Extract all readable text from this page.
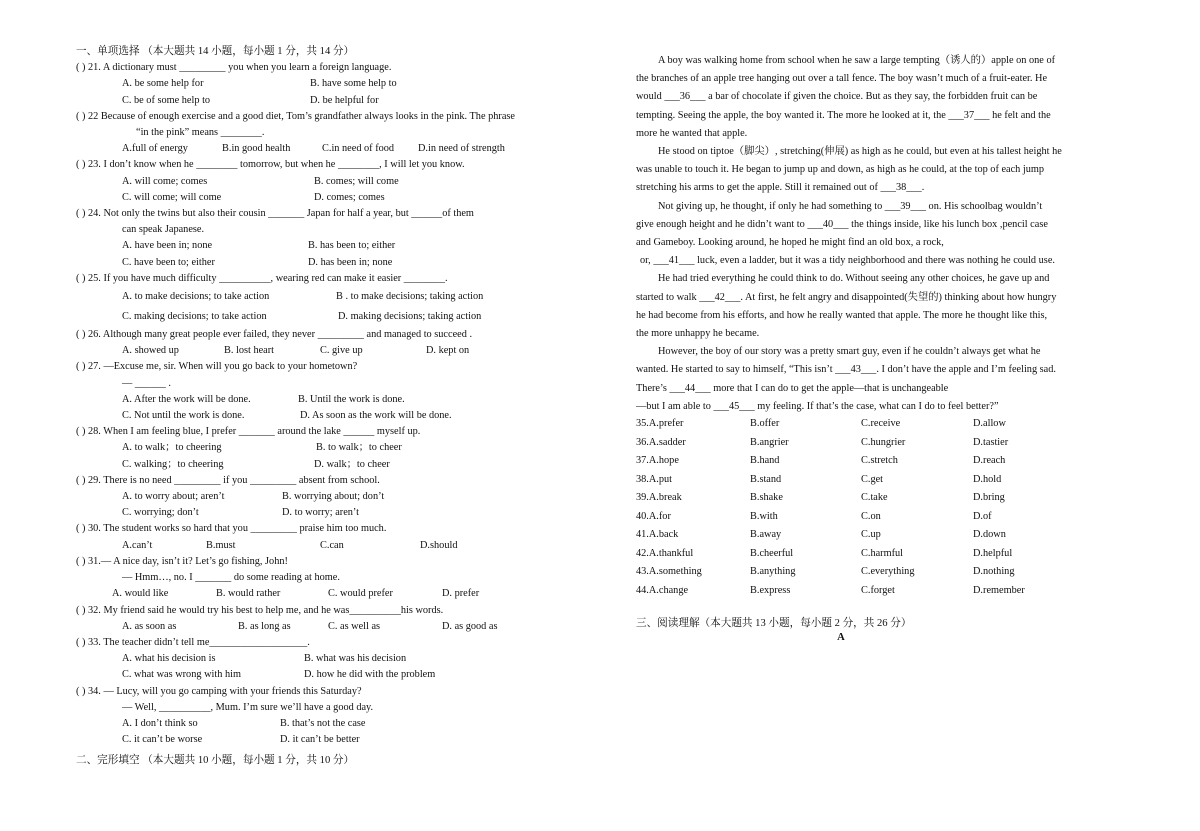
一、单项选择 （本大题共 14 小题，每小题 1 分，共 14 分）
( ) 21. A dictionary must _________ you when you learn a foreign language.
A. be some help for	B. have some help to
C. be of some help to	D. be helpful for
( ) 22 Because of enough exercise and a good diet, Tom’s grandfather always looks in the pink. The phrase
“in the pink” means ________.
A.full of energy	B.in good health	C.in need of food	D.in need of strength
( ) 23. I don’t know when he ________ tomorrow, but when he ________, I will let you know.
A. will come; comes	B. comes; will come
C. will come; will come	D. comes; comes
( ) 24. Not only the twins but also their cousin _______ Japan for half a year, but ______of them
can speak Japanese.
A. have been in; none	B. has been to; either
C. have been to; either	D. has been in; none
( ) 25. If you have much difficulty __________, wearing red can make it easier ________.
A. to make decisions; to take action	B . to make decisions; taking action
C. making decisions; to take action	D. making decisions; taking action
( ) 26. Although many great people ever failed, they never _________ and managed to succeed .
A. showed up	B. lost heart	C. give up	D. kept on
( ) 27. —Excuse me, sir. When will you go back to your hometown?
— ______ .
A. After the work will be done.	B. Until the work is done.
C. Not until the work is done.	D. As soon as the work will be done.
( ) 28. When I am feeling blue, I prefer _______ around the lake ______ myself up.
A. to walk；to cheering	B. to walk；to cheer
C. walking；to cheering	D. walk；to cheer
( ) 29. There is no need _________ if you _________ absent from school.
A. to worry about; aren’t	B. worrying about; don’t
C. worrying; don’t	D. to worry; aren’t
( ) 30. The student works so hard that you _________ praise him too much.
A.can’t	B.must	C.can	D.should
( ) 31.— A nice day, isn’t it? Let’s go fishing, John!
— Hmm…, no. I _______ do some reading at home.
A. would like	B. would rather	C. would prefer	D. prefer
( ) 32. My friend said he would try his best to help me, and he was__________his words.
A. as soon as	B. as long as	C. as well as	D. as good as
( ) 33. The teacher didn’t tell me___________________.
A. what his decision is	B. what was his decision
C. what was wrong with him	D. how he did with the problem
( ) 34. — Lucy, will you go camping with your friends this Saturday?
— Well, __________, Mum. I’m sure we’ll have a good day.
A. I don’t think so	B. that’s not the case
C. it can’t be worse	D. it can’t be better
二、完形填空 （本大题共 10 小题，每小题 1 分，共 10 分）
A boy was walking home from school when he saw a large tempting（诱人的）apple on one of
the branches of an apple tree hanging out over a tall fence. The boy wasn’t much of a fruit-eater. He
would ___36___ a bar of chocolate if given the choice. But as they say, the forbidden fruit can be
tempting. Seeing the apple, the boy wanted it. The more he looked at it, the ___37___ he felt and the
more he wanted that apple.
He stood on tiptoe（脚尖）, stretching(伸展) as high as he could, but even at his tallest height he
was unable to touch it. He began to jump up and down, as high as he could, at the top of each jump
stretching his arms to get the apple. Still it remained out of ___38___.
Not giving up, he thought, if only he had something to ___39___ on. His schoolbag wouldn’t
give enough height and he didn’t want to ___40___ the things inside, like his lunch box ,pencil case
and Gameboy. Looking around, he hoped he might find an old box, a rock,
or, ___41___ luck, even a ladder, but it was a tidy neighborhood and there was nothing he could use.
He had tried everything he could think to do. Without seeing any other choices, he gave up and
started to walk ___42___. At first, he felt angry and disappointed(失望的) thinking about how hungry
he had become from his efforts, and how he really wanted that apple. The more he thought like this,
the more unhappy he became.
However, the boy of our story was a pretty smart guy, even if he couldn’t always get what he
wanted. He started to say to himself, “This isn’t ___43___. I don’t have the apple and I’m feeling sad.
There’s ___44___ more that I can do to get the apple—that is unchangeable
—but I am able to ___45___ my feeling. If that’s the case, what can I do to feel better?”
35.A.prefer	B.offer	C.receive	D.allow
36.A.sadder	B.angrier	C.hungrier	D.tastier
37.A.hope	B.hand	C.stretch	D.reach
38.A.put	B.stand	C.get	D.hold
39.A.break	B.shake	C.take	D.bring
40.A.for	B.with	C.on	D.of
41.A.back	B.away	C.up	D.down
42.A.thankful	B.cheerful	C.harmful	D.helpful
43.A.something	B.anything	C.everything	D.nothing
44.A.change	B.express	C.forget	D.remember
三、阅读理解（本大题共 13 小题，每小题 2 分，共 26 分）
A
